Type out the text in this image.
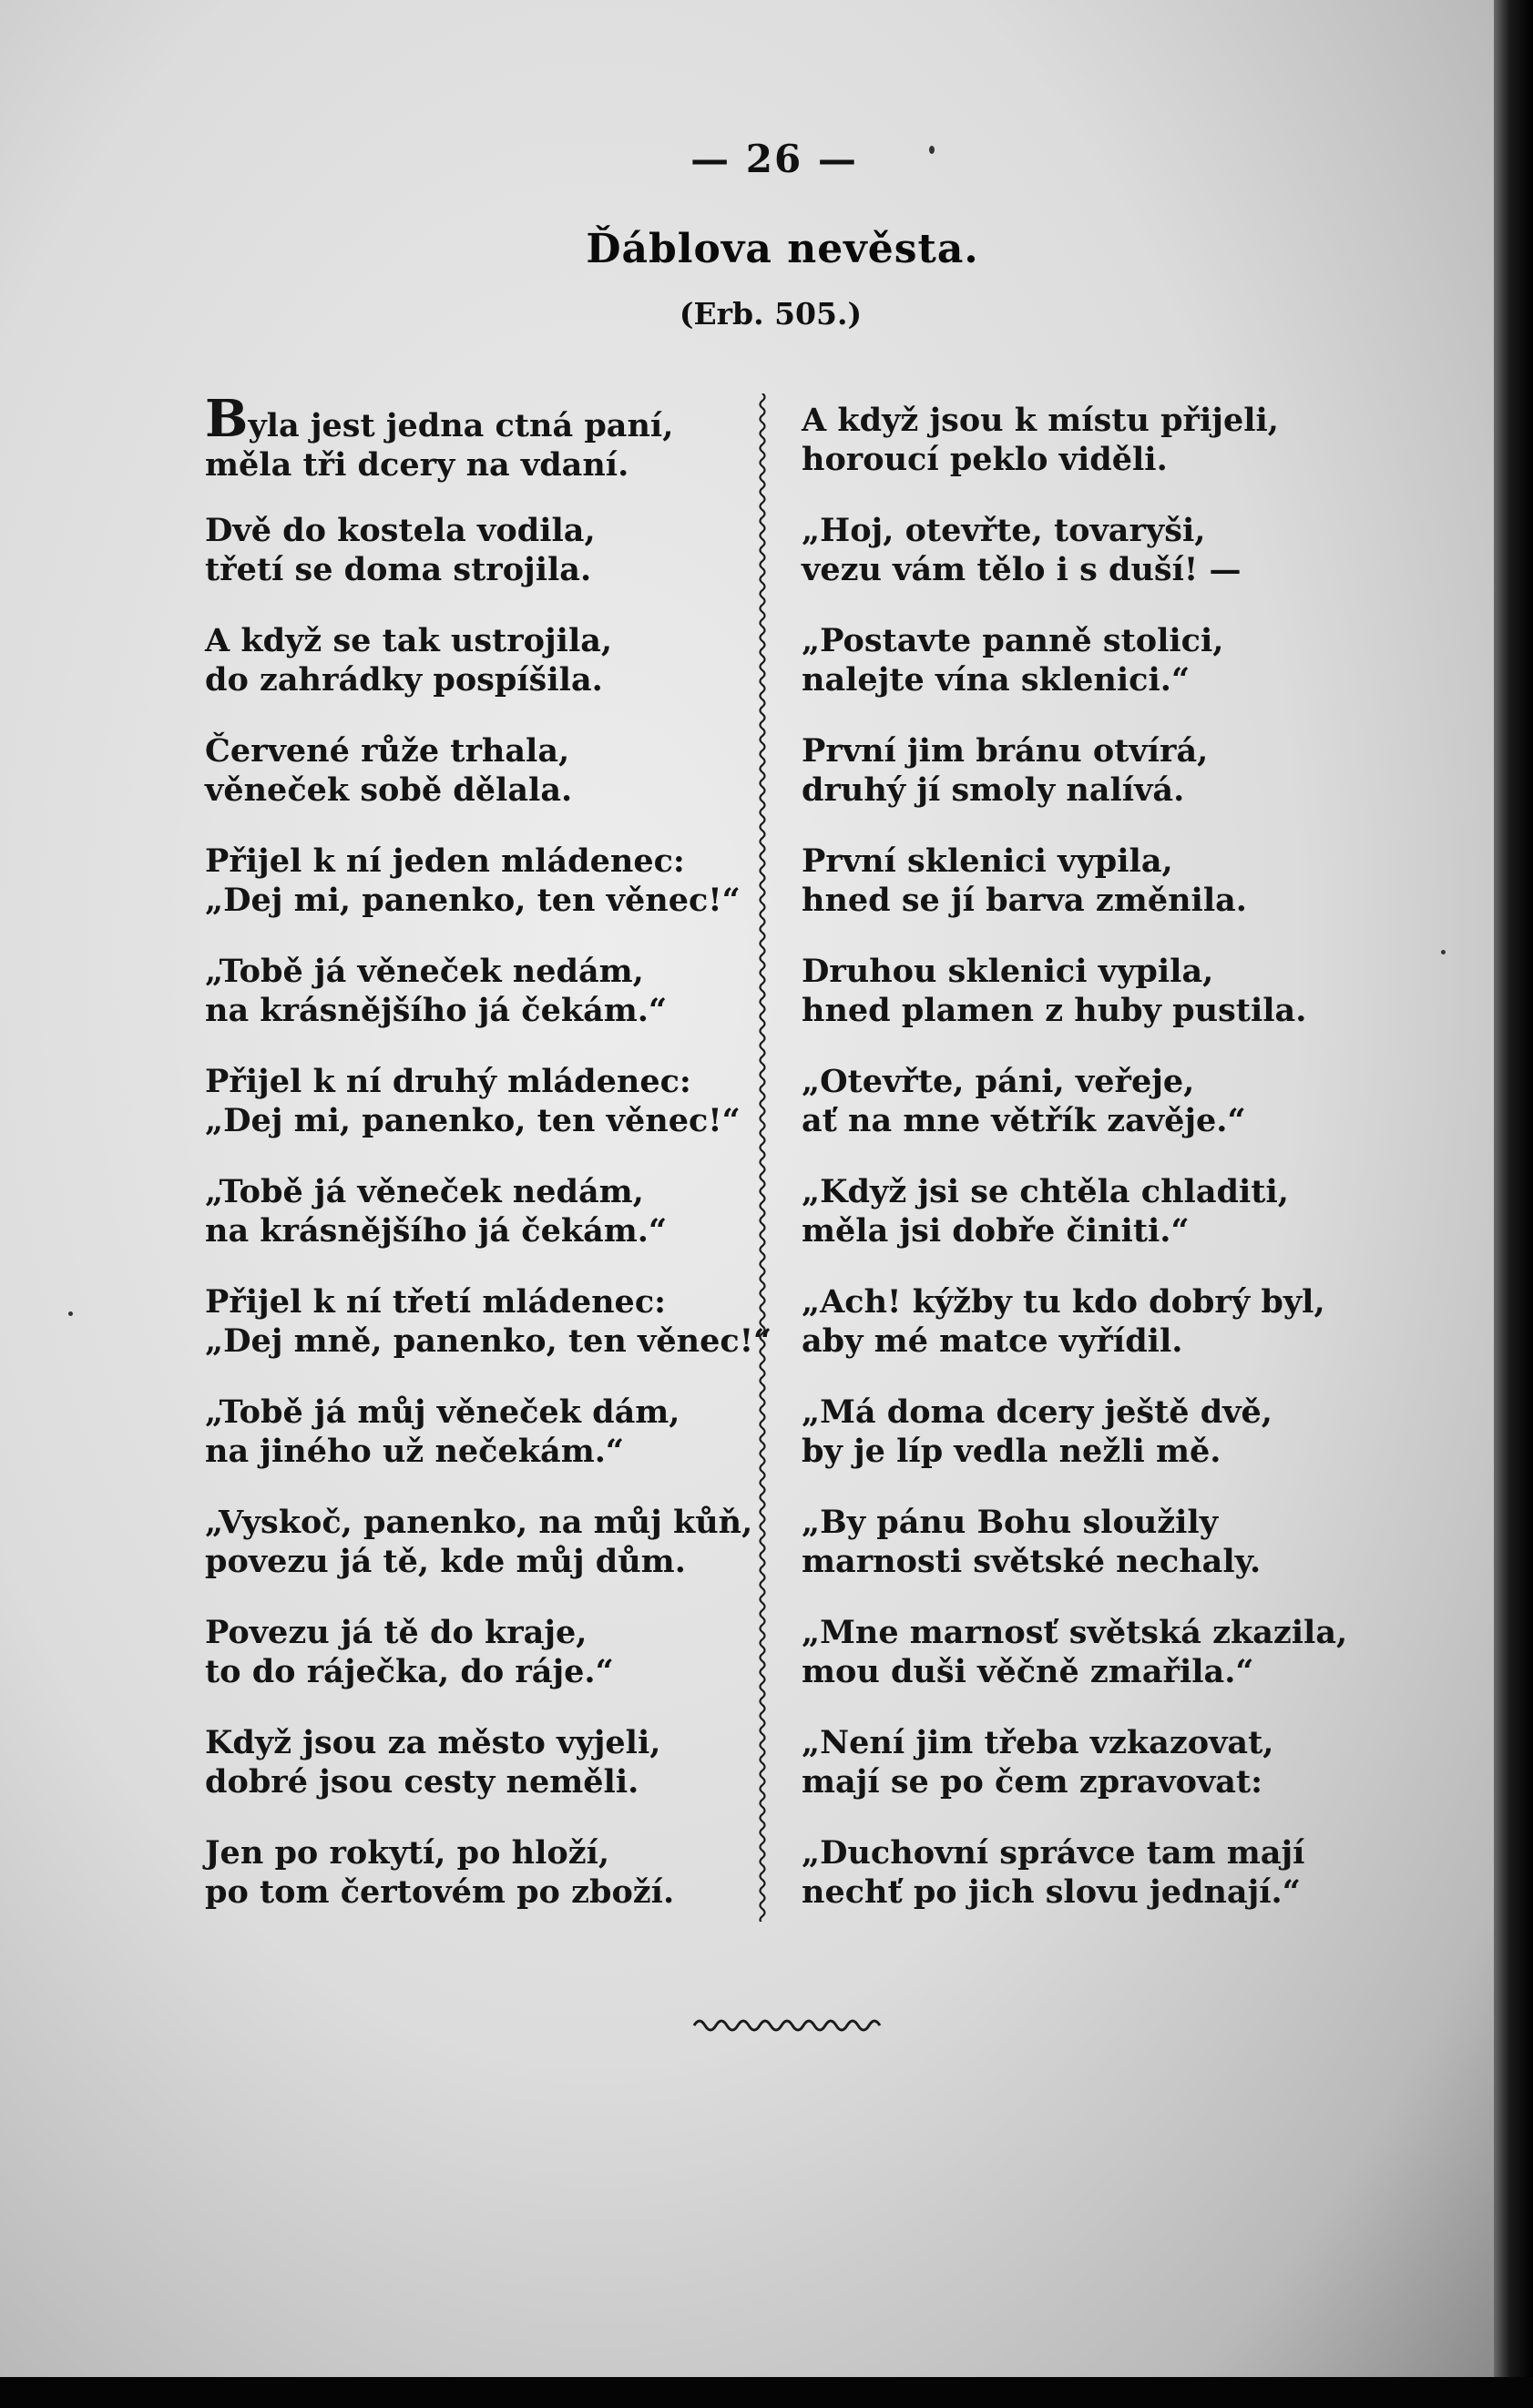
— 26 —
Ďáblova nevěsta.
(Erb. 505.)
Byla jest jedna ctná paní,
měla tři dcery na vdaní.
Dvě do kostela vodila,
třetí se doma strojila.
A když se tak ustrojila,
do zahrádky pospíšila.
Červené růže trhala,
věneček sobě dělala.
Přijel k ní jeden mládenec:
„Dej mi, panenko, ten věnec!“
„Tobě já věneček nedám,
na krásnějšího já čekám.“
Přijel k ní druhý mládenec:
„Dej mi, panenko, ten věnec!“
„Tobě já věneček nedám,
na krásnějšího já čekám.“
Přijel k ní třetí mládenec:
„Dej mně, panenko, ten věnec!“
„Tobě já můj věneček dám,
na jiného už nečekám.“
„Vyskoč, panenko, na můj kůň,
povezu já tě, kde můj dům.
Povezu já tě do kraje,
to do ráječka, do ráje.“
Když jsou za město vyjeli,
dobré jsou cesty neměli.
Jen po rokytí, po hloží,
po tom čertovém po zboží.
A když jsou k místu přijeli,
horoucí peklo viděli.
„Hoj, otevřte, tovaryši,
vezu vám tělo i s duší! —
„Postavte panně stolici,
nalejte vína sklenici.“
První jim bránu otvírá,
druhý jí smoly nalívá.
První sklenici vypila,
hned se jí barva změnila.
Druhou sklenici vypila,
hned plamen z huby pustila.
„Otevřte, páni, veřeje,
ať na mne větřík zavěje.“
„Když jsi se chtěla chladiti,
měla jsi dobře činiti.“
„Ach! kýžby tu kdo dobrý byl,
aby mé matce vyřídil.
„Má doma dcery ještě dvě,
by je líp vedla nežli mě.
„By pánu Bohu sloužily
marnosti světské nechaly.
„Mne marnosť světská zkazila,
mou duši věčně zmařila.“
„Není jim třeba vzkazovat,
mají se po čem zpravovat:
„Duchovní správce tam mají
nechť po jich slovu jednají.“
